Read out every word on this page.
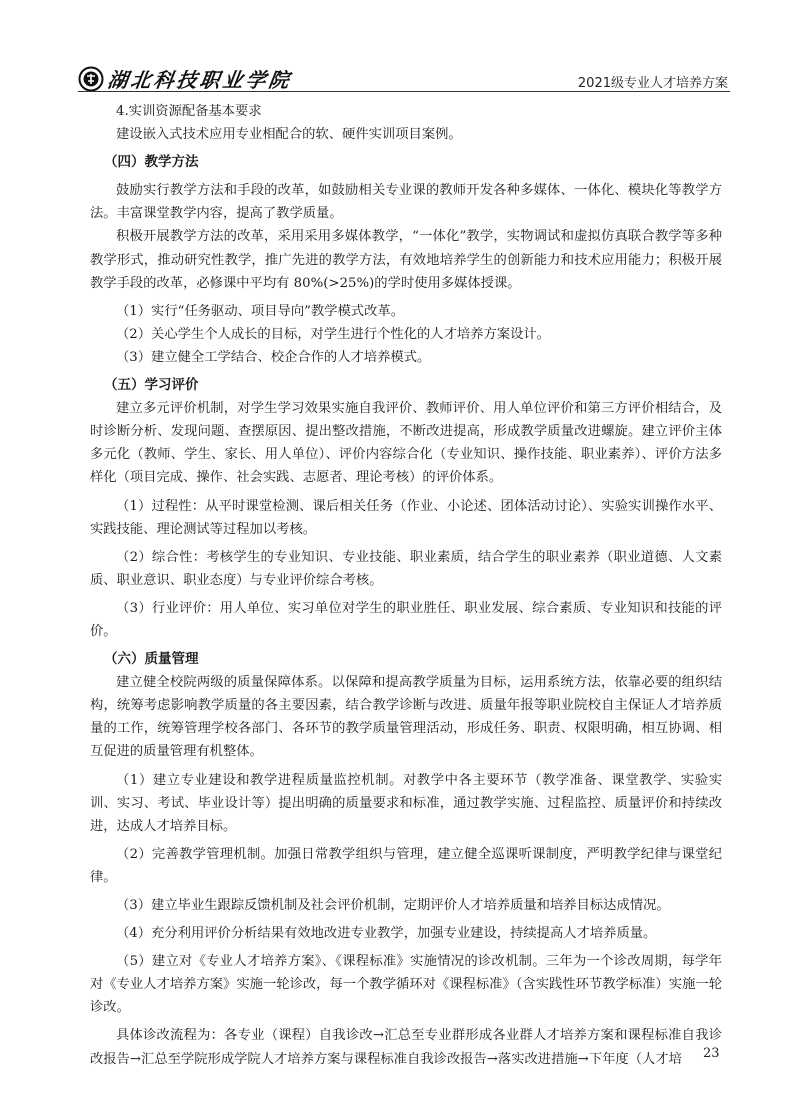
湖北科技职业学院	2021级专业人才培养方案

4.实训资源配备基本要求

建设嵌入式技术应用专业相配合的软、硬件实训项目案例。

（四）教学方法

鼓励实行教学方法和手段的改革，如鼓励相关专业课的教师开发各种多媒体、一体化、模块化等教学方法。丰富课堂教学内容，提高了教学质量。

积极开展教学方法的改革，采用采用多媒体教学，“一体化”教学，实物调试和虚拟仿真联合教学等多种教学形式，推动研究性教学，推广先进的教学方法，有效地培养学生的创新能力和技术应用能力；积极开展教学手段的改革，必修课中平均有 80%(>25%)的学时使用多媒体授课。

（1）实行“任务驱动、项目导向”教学模式改革。

（2）关心学生个人成长的目标，对学生进行个性化的人才培养方案设计。

（3）建立健全工学结合、校企合作的人才培养模式。

（五）学习评价

建立多元评价机制，对学生学习效果实施自我评价、教师评价、用人单位评价和第三方评价相结合，及时诊断分析、发现问题、查摆原因、提出整改措施，不断改进提高，形成教学质量改进螺旋。建立评价主体多元化（教师、学生、家长、用人单位）、评价内容综合化（专业知识、操作技能、职业素养）、评价方法多样化（项目完成、操作、社会实践、志愿者、理论考核）的评价体系。

（1）过程性：从平时课堂检测、课后相关任务（作业、小论述、团体活动讨论）、实验实训操作水平、实践技能、理论测试等过程加以考核。

（2）综合性：考核学生的专业知识、专业技能、职业素质，结合学生的职业素养（职业道德、人文素质、职业意识、职业态度）与专业评价综合考核。

（3）行业评价：用人单位、实习单位对学生的职业胜任、职业发展、综合素质、专业知识和技能的评价。

（六）质量管理

建立健全校院两级的质量保障体系。以保障和提高教学质量为目标，运用系统方法，依靠必要的组织结构，统筹考虑影响教学质量的各主要因素，结合教学诊断与改进、质量年报等职业院校自主保证人才培养质量的工作，统筹管理学校各部门、各环节的教学质量管理活动，形成任务、职责、权限明确，相互协调、相互促进的质量管理有机整体。

（1）建立专业建设和教学进程质量监控机制。对教学中各主要环节（教学准备、课堂教学、实验实训、实习、考试、毕业设计等）提出明确的质量要求和标准，通过教学实施、过程监控、质量评价和持续改进，达成人才培养目标。

（2）完善教学管理机制。加强日常教学组织与管理，建立健全巡课听课制度，严明教学纪律与课堂纪律。

（3）建立毕业生跟踪反馈机制及社会评价机制，定期评价人才培养质量和培养目标达成情况。

（4）充分利用评价分析结果有效地改进专业教学，加强专业建设，持续提高人才培养质量。

（5）建立对《专业人才培养方案》、《课程标准》实施情况的诊改机制。三年为一个诊改周期，每学年对《专业人才培养方案》实施一轮诊改，每一个教学循环对《课程标准》（含实践性环节教学标准）实施一轮诊改。

具体诊改流程为：各专业（课程）自我诊改→汇总至专业群形成各业群人才培养方案和课程标准自我诊改报告→汇总至学院形成学院人才培养方案与课程标准自我诊改报告→落实改进措施→下年度（人才培	23
